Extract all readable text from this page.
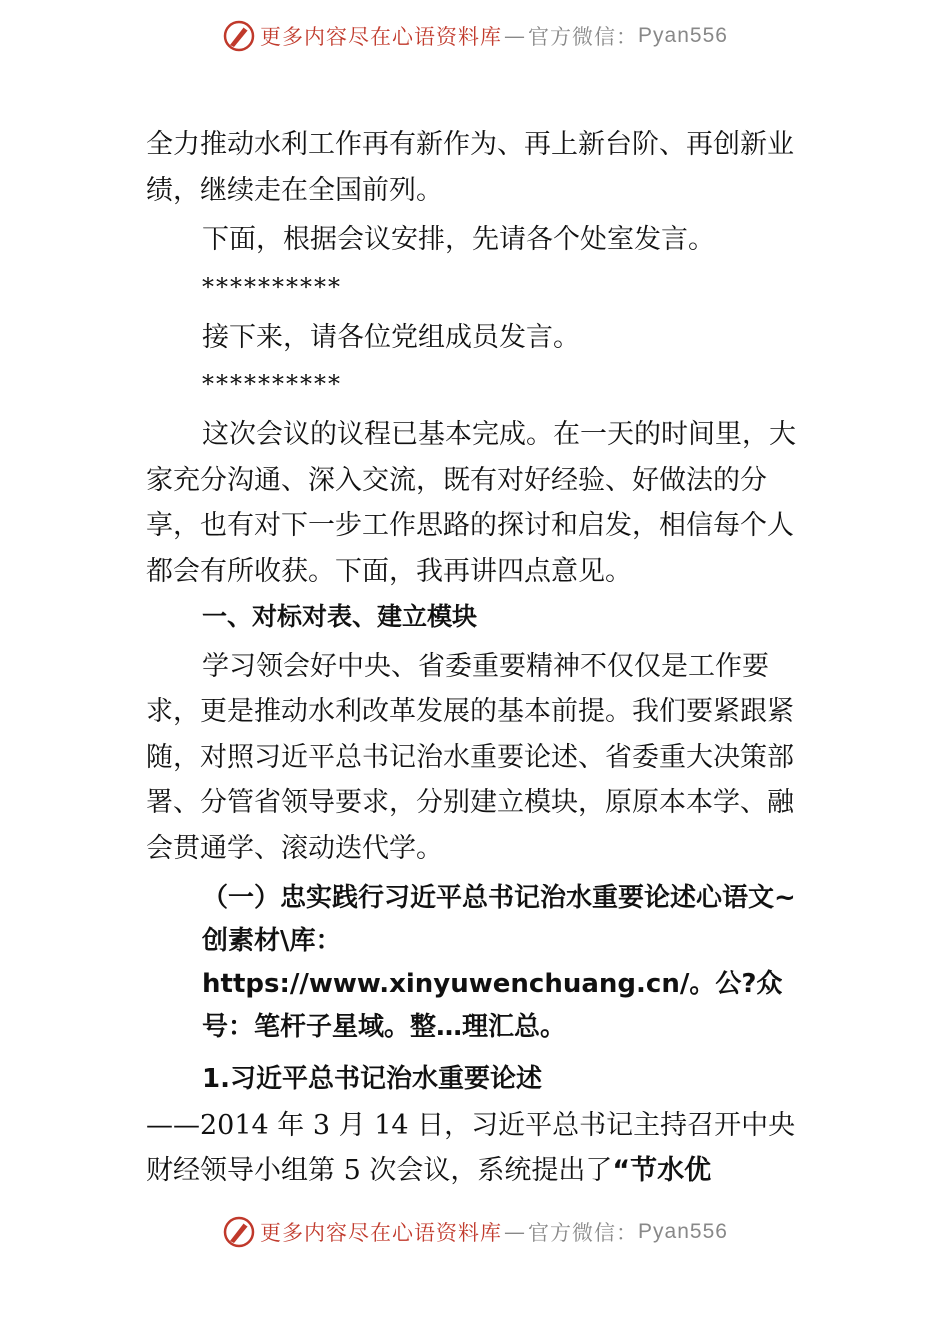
更多内容尽在心语资料库 — 官方微信： Pyan556

全力推动水利工作再有新作为、再上新台阶、再创新业绩，继续走在全国前列。

下面，根据会议安排，先请各个处室发言。

**********

接下来，请各位党组成员发言。

**********

这次会议的议程已基本完成。在一天的时间里，大家充分沟通、深入交流，既有对好经验、好做法的分享，也有对下一步工作思路的探讨和启发，相信每个人都会有所收获。下面，我再讲四点意见。

一、对标对表、建立模块

学习领会好中央、省委重要精神不仅仅是工作要求，更是推动水利改革发展的基本前提。我们要紧跟紧随，对照习近平总书记治水重要论述、省委重大决策部署、分管省领导要求，分别建立模块，原原本本学、融会贯通学、滚动迭代学。

（一）忠实践行习近平总书记治水重要论述心语文~创素材\库：https://www.xinyuwenchuang.cn/。公?众号：笔杆子星域。整…理汇总。

1.习近平总书记治水重要论述

——2014 年 3 月 14 日，习近平总书记主持召开中央财经领导小组第 5 次会议，系统提出了“节水优

更多内容尽在心语资料库 — 官方微信： Pyan556
